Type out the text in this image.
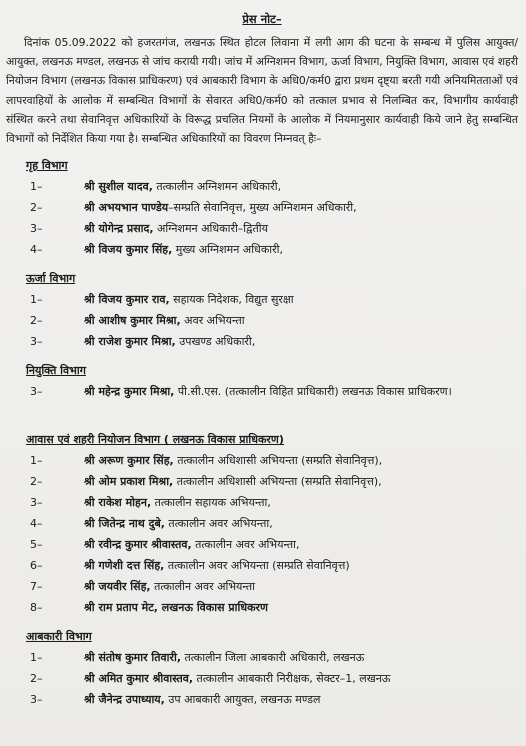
प्रेस नोट–
दिनांक 05.09.2022 को हजरतगंज, लखनऊ स्थित होटल लिवाना में लगी आग की घटना के सम्बन्ध में पुलिस आयुक्त/आयुक्त, लखनऊ मण्डल, लखनऊ से जांच करायी गयी। जांच में अग्निशमन विभाग, ऊर्जा विभाग, नियुक्ति विभाग, आवास एवं शहरी नियोजन विभाग (लखनऊ विकास प्राधिकरण) एवं आबकारी विभाग के अधि0/कर्म0 द्वारा प्रथम दृष्ट्या बरती गयी अनियमितताओं एवं लापरवाहियों के आलोक में सम्बन्धित विभागों के सेवारत अधि0/कर्म0 को तत्काल प्रभाव से निलम्बित कर, विभागीय कार्यवाही संस्थित करने तथा सेवानिवृत्त अधिकारियों के विरूद्ध प्रचलित नियमों के आलोक में नियमानुसार कार्यवाही किये जाने हेतु सम्बन्धित विभागों को निर्देशित किया गया है। सम्बन्धित अधिकारियों का विवरण निम्नवत् हैः–
गृह विभाग
1–	श्री सुशील यादव, तत्कालीन अग्निशमन अधिकारी,
2–	श्री अभयभान पाण्डेय–सम्प्रति सेवानिवृत्त, मुख्य अग्निशमन अधिकारी,
3–	श्री योगेन्द्र प्रसाद, अग्निशमन अधिकारी–द्वितीय
4–	श्री विजय कुमार सिंह, मुख्य अग्निशमन अधिकारी,
ऊर्जा विभाग
1–	श्री विजय कुमार राव, सहायक निदेशक, विद्युत सुरक्षा
2–	श्री आशीष कुमार मिश्रा, अवर अभियन्ता
3–	श्री राजेश कुमार मिश्रा, उपखण्ड अधिकारी,
नियुक्ति विभाग
3–	श्री महेन्द्र कुमार मिश्रा, पी.सी.एस. (तत्कालीन विहित प्राधिकारी) लखनऊ विकास प्राधिकरण।
आवास एवं शहरी नियोजन विभाग ( लखनऊ विकास प्राधिकरण)
1–	श्री अरूण कुमार सिंह, तत्कालीन अधिशासी अभियन्ता (सम्प्रति सेवानिवृत्त),
2–	श्री ओम प्रकाश मिश्रा, तत्कालीन अधिशासी अभियन्ता (सम्प्रति सेवानिवृत्त),
3–	श्री राकेश मोहन, तत्कालीन सहायक अभियन्ता,
4–	श्री जितेन्द्र नाथ दुबे, तत्कालीन अवर अभियन्ता,
5–	श्री रवीन्द्र कुमार श्रीवास्तव, तत्कालीन अवर अभियन्ता,
6–	श्री गणेशी दत्त सिंह, तत्कालीन अवर अभियन्ता (सम्प्रति सेवानिवृत्त)
7–	श्री जयवीर सिंह, तत्कालीन अवर अभियन्ता
8–	श्री राम प्रताप मेट, लखनऊ विकास प्राधिकरण
आबकारी विभाग
1–	श्री संतोष कुमार तिवारी, तत्कालीन जिला आबकारी अधिकारी, लखनऊ
2–	श्री अमित कुमार श्रीवास्तव, तत्कालीन आबकारी निरीक्षक, सेक्टर–1, लखनऊ
3–	श्री जैनेन्द्र उपाध्याय, उप आबकारी आयुक्त, लखनऊ मण्डल
